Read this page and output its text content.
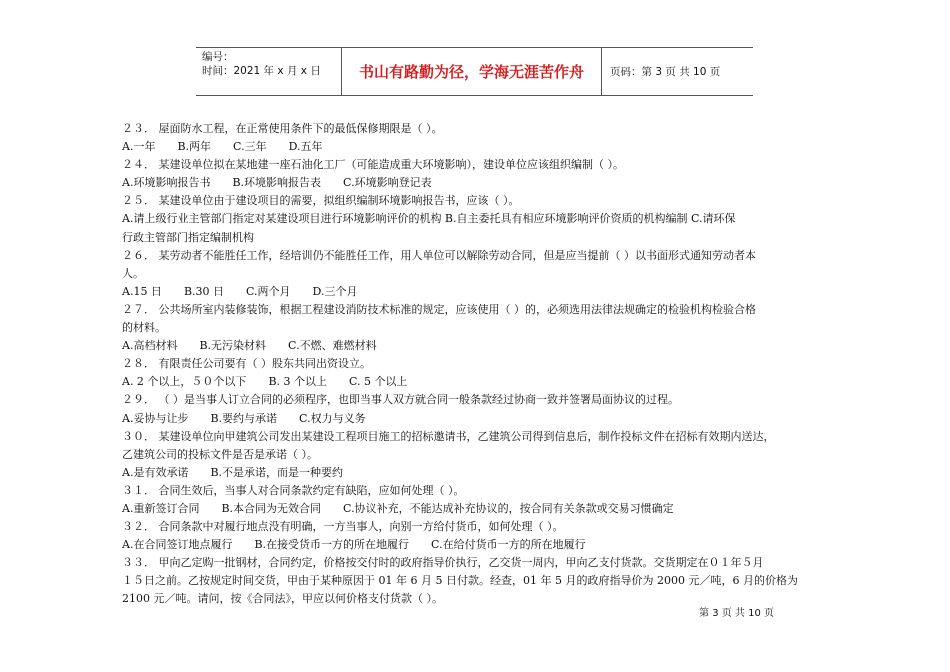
编号：
时间：2021 年 x 月 x 日	书山有路勤为径，学海无涯苦作舟	页码：第 3 页 共 10 页
２３． 屋面防水工程，在正常使用条件下的最低保修期限是（ ）。
A.一年 B.两年 C.三年 D.五年
２４． 某建设单位拟在某地建一座石油化工厂（可能造成重大环境影响），建设单位应该组织编制（ ）。
A.环境影响报告书 B.环境影响报告表 C.环境影响登记表
２５． 某建设单位由于建设项目的需要，拟组织编制环境影响报告书，应该（ ）。
A.请上级行业主管部门指定对某建设项目进行环境影响评价的机构 B.自主委托具有相应环境影响评价资质的机构编制 C.请环保
行政主管部门指定编制机构
２６． 某劳动者不能胜任工作，经培训仍不能胜任工作，用人单位可以解除劳动合同，但是应当提前（ ）以书面形式通知劳动者本
人。
A.15 日 B.30 日 C.两个月 D.三个月
２７． 公共场所室内装修装饰，根据工程建设消防技术标准的规定，应该使用（ ）的，必须选用法律法规确定的检验机构检验合格
的材料。
A.高档材料 B.无污染材料 C.不燃、难燃材料
２８． 有限责任公司要有（ ）股东共同出资设立。
A. 2 个以上，５０个以下 B. 3 个以上 C. 5 个以上
２９． （ ）是当事人订立合同的必须程序，也即当事人双方就合同一般条款经过协商一致并签署局面协议的过程。
A.妥协与让步 B.要约与承诺 C.权力与义务
３０． 某建设单位向甲建筑公司发出某建设工程项目施工的招标邀请书，乙建筑公司得到信息后，制作投标文件在招标有效期内送达，
乙建筑公司的投标文件是否是承诺（ ）。
A.是有效承诺 B.不是承诺，而是一种要约
３１． 合同生效后，当事人对合同条款约定有缺陷，应如何处理（ ）。
A.重新签订合同 B.本合同为无效合同 C.协议补充，不能达成补充协议的，按合同有关条款或交易习惯确定
３２． 合同条款中对履行地点没有明确，一方当事人，向别一方给付货币，如何处理（ ）。
A.在合同签订地点履行 B.在接受货币一方的所在地履行 C.在给付货币一方的所在地履行
３３． 甲向乙定购一批钢材，合同约定，价格按交付时的政府指导价执行，乙交货一周内，甲向乙支付货款。交货期定在０１年５月
１５日之前。乙按规定时间交货，甲由于某种原因于 01 年 6 月 5 日付款。经查，01 年 5 月的政府指导价为 2000 元／吨，6 月的价格为
2100 元／吨。请问，按《合同法》，甲应以何价格支付货款（ ）。
第 3 页 共 10 页
